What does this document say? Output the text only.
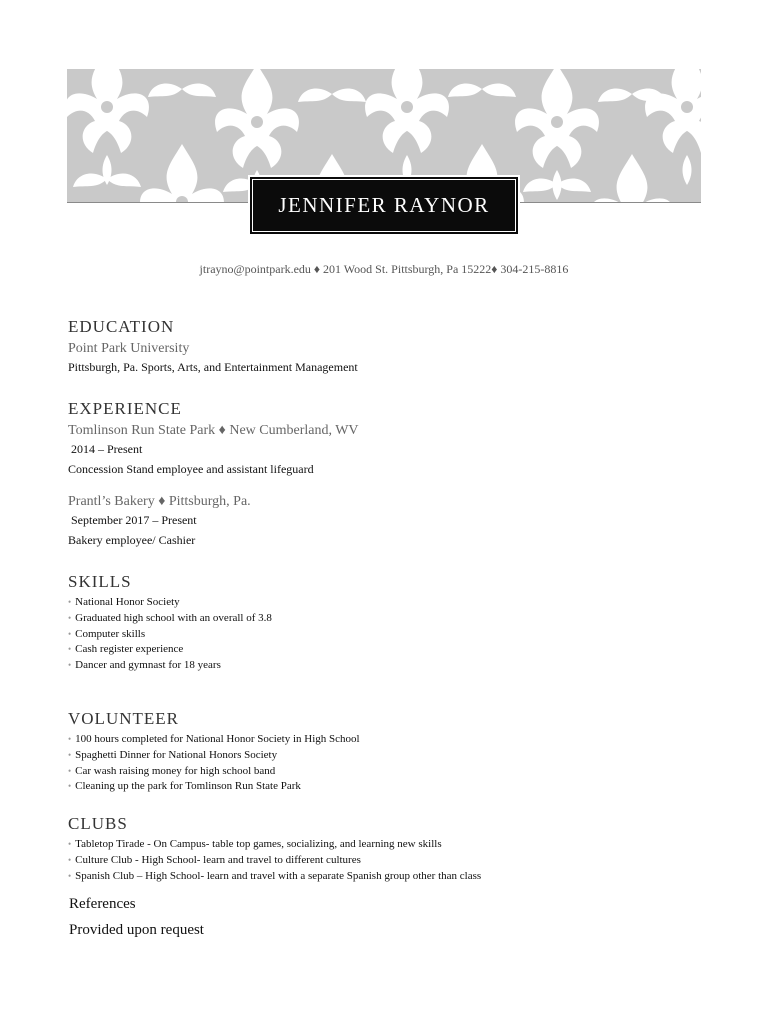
JENNIFER RAYNOR
jtrayno@pointpark.edu ♦ 201 Wood St. Pittsburgh, Pa 15222♦ 304-215-8816
EDUCATION
Point Park University
Pittsburgh, Pa. Sports, Arts, and Entertainment Management
EXPERIENCE
Tomlinson Run State Park ♦ New Cumberland, WV
2014 – Present
Concession Stand employee and assistant lifeguard
Prantl’s Bakery ♦ Pittsburgh, Pa.
September 2017 – Present
Bakery employee/ Cashier
SKILLS
• National Honor Society
• Graduated high school with an overall of 3.8
• Computer skills
• Cash register experience
• Dancer and gymnast for 18 years
VOLUNTEER
• 100 hours completed for National Honor Society in High School
• Spaghetti Dinner for National Honors Society
• Car wash raising money for high school band
• Cleaning up the park for Tomlinson Run State Park
CLUBS
• Tabletop Tirade - On Campus- table top games, socializing, and learning new skills
• Culture Club - High School- learn and travel to different cultures
• Spanish Club – High School- learn and travel with a separate Spanish group other than class
References
Provided upon request
